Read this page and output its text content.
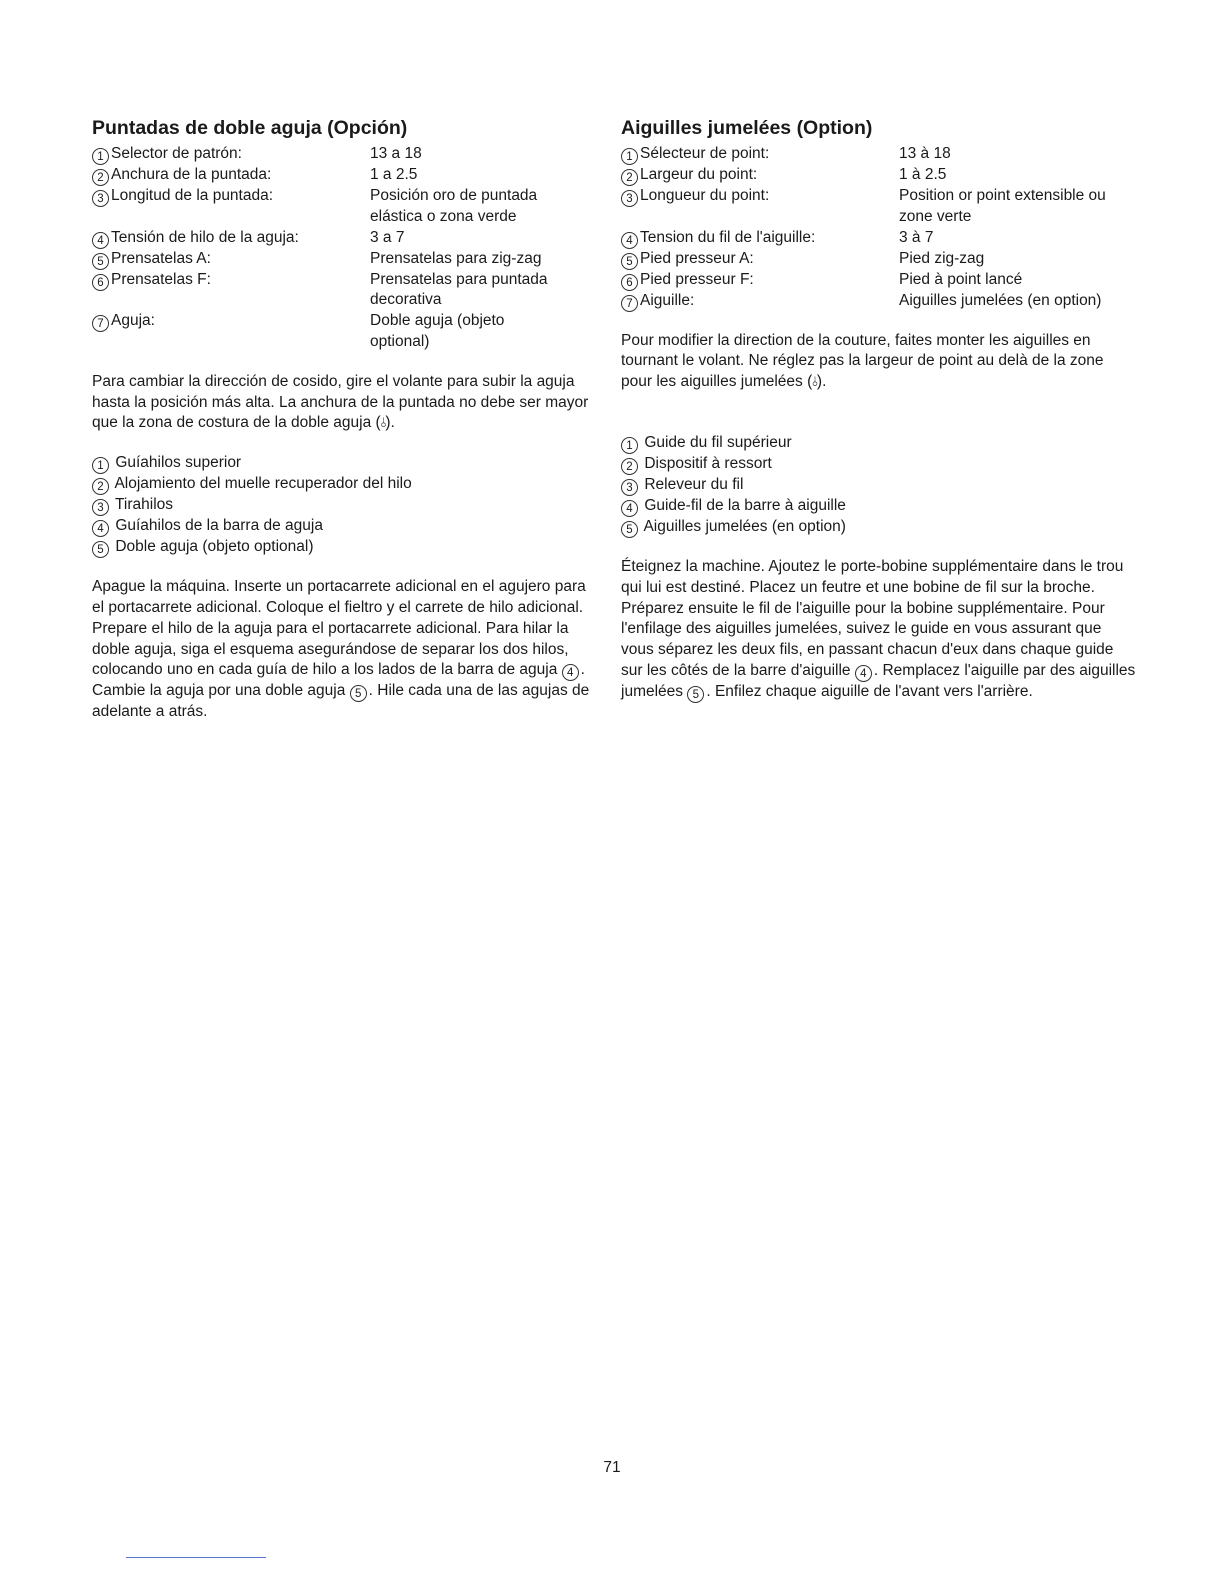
Puntadas de doble aguja (Opción)
1 Selector de patrón:	13 a 18
2 Anchura de la puntada:	1 a 2.5
3 Longitud de la puntada:	Posición oro de puntada elástica o zona verde
4 Tensión de hilo de la aguja:	3 a 7
5 Prensatelas A:	Prensatelas para zig-zag
6 Prensatelas F:	Prensatelas para puntada decorativa
7 Aguja:	Doble aguja (objeto optional)

Para cambiar la dirección de cosido, gire el volante para subir la aguja hasta la posición más alta. La anchura de la puntada no debe ser mayor que la zona de costura de la doble aguja (⫰).

1 Guíahilos superior
2 Alojamiento del muelle recuperador del hilo
3 Tirahilos
4 Guíahilos de la barra de aguja
5 Doble aguja (objeto optional)

Apague la máquina. Inserte un portacarrete adicional en el agujero para el portacarrete adicional. Coloque el fieltro y el carrete de hilo adicional. Prepare el hilo de la aguja para el portacarrete adicional. Para hilar la doble aguja, siga el esquema asegurándose de separar los dos hilos, colocando uno en cada guía de hilo a los lados de la barra de aguja 4 . Cambie la aguja por una doble aguja 5 . Hile cada una de las agujas de adelante a atrás.

Aiguilles jumelées (Option)
1 Sélecteur de point:	13 à 18
2 Largeur du point:	1 à 2.5
3 Longueur du point:	Position or point extensible ou zone verte
4 Tension du fil de l'aiguille:	3 à 7
5 Pied presseur A:	Pied zig-zag
6 Pied presseur F:	Pied à point lancé
7 Aiguille:	Aiguilles jumelées (en option)

Pour modifier la direction de la couture, faites monter les aiguilles en tournant le volant. Ne réglez pas la largeur de point au delà de la zone pour les aiguilles jumelées (⫰).

1 Guide du fil supérieur
2 Dispositif à ressort
3 Releveur du fil
4 Guide-fil de la barre à aiguille
5 Aiguilles jumelées (en option)

Éteignez la machine. Ajoutez le porte-bobine supplémentaire dans le trou qui lui est destiné. Placez un feutre et une bobine de fil sur la broche. Préparez ensuite le fil de l'aiguille pour la bobine supplémentaire. Pour l'enfilage des aiguilles jumelées, suivez le guide en vous assurant que vous séparez les deux fils, en passant chacun d'eux dans chaque guide sur les côtés de la barre d'aiguille 4 . Remplacez l'aiguille par des aiguilles jumelées 5 . Enfilez chaque aiguille de l'avant vers l'arrière.

71
